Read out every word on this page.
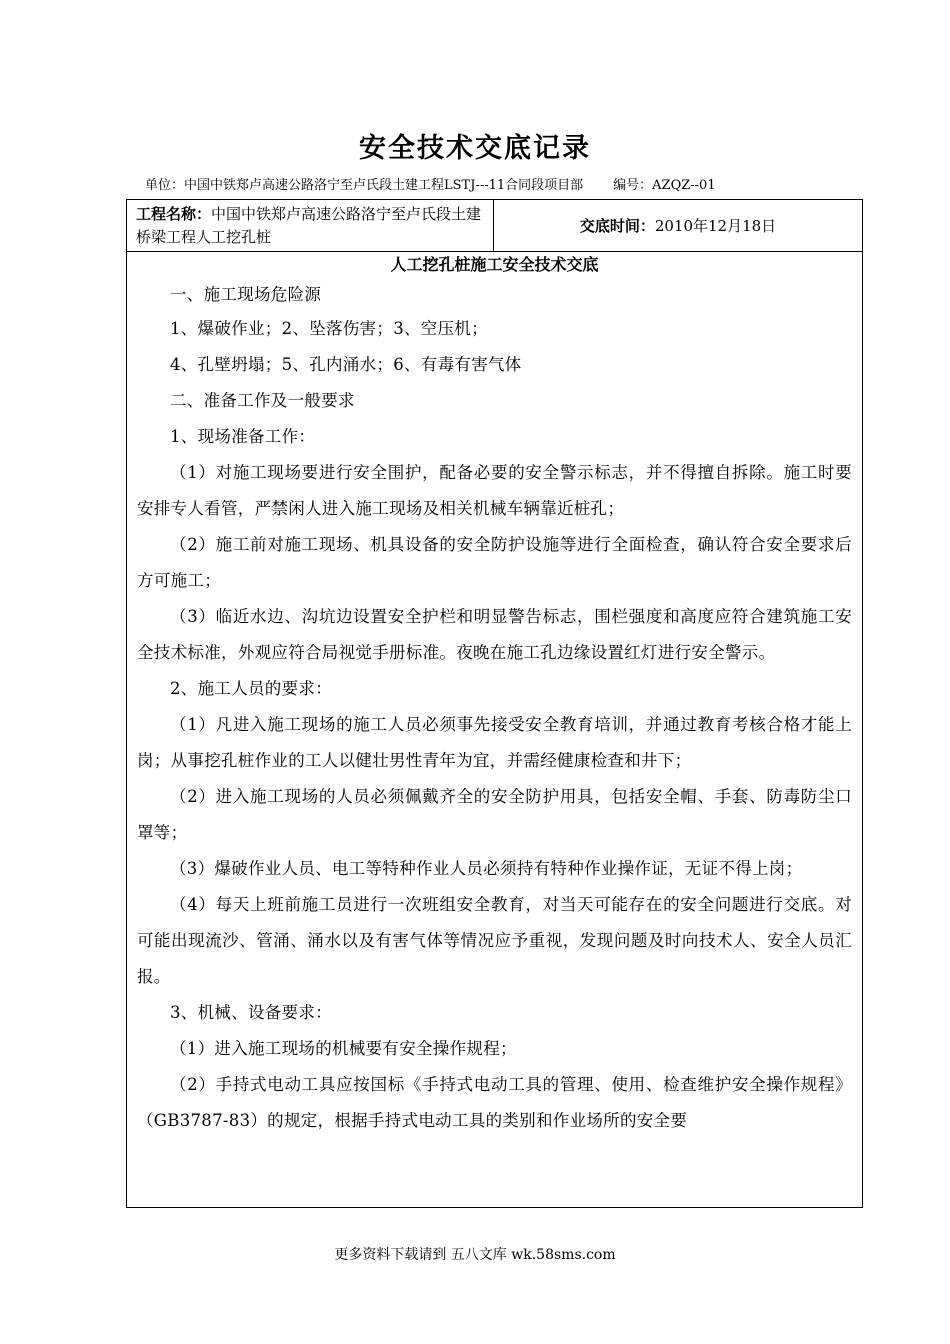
安全技术交底记录
单位：中国中铁郑卢高速公路洛宁至卢氏段土建工程LSTJ---11合同段项目部 编号：AZQZ--01
工程名称：中国中铁郑卢高速公路洛宁至卢氏段土建桥梁工程人工挖孔桩
交底时间： 2010年12月18日
人工挖孔桩施工安全技术交底

一、施工现场危险源

1、爆破作业；2、坠落伤害；3、空压机；

4、孔壁坍塌；5、孔内涌水；6、有毒有害气体

二、准备工作及一般要求

1、现场准备工作：

（1）对施工现场要进行安全围护，配备必要的安全警示标志，并不得擅自拆除。施工时要安排专人看管，严禁闲人进入施工现场及相关机械车辆靠近桩孔；

（2）施工前对施工现场、机具设备的安全防护设施等进行全面检查，确认符合安全要求后方可施工；

（3）临近水边、沟坑边设置安全护栏和明显警告标志，围栏强度和高度应符合建筑施工安全技术标准，外观应符合局视觉手册标准。夜晚在施工孔边缘设置红灯进行安全警示。

2、施工人员的要求：

（1）凡进入施工现场的施工人员必须事先接受安全教育培训，并通过教育考核合格才能上岗；从事挖孔桩作业的工人以健壮男性青年为宜，并需经健康检查和井下；

（2）进入施工现场的人员必须佩戴齐全的安全防护用具，包括安全帽、手套、防毒防尘口罩等；

（3）爆破作业人员、电工等特种作业人员必须持有特种作业操作证，无证不得上岗；

（4）每天上班前施工员进行一次班组安全教育，对当天可能存在的安全问题进行交底。对可能出现流沙、管涌、涌水以及有害气体等情况应予重视，发现问题及时向技术人、安全人员汇报。

3、机械、设备要求：

（1）进入施工现场的机械要有安全操作规程；

（2）手持式电动工具应按国标《手持式电动工具的管理、使用、检查维护安全操作规程》（GB3787-83）的规定，根据手持式电动工具的类别和作业场所的安全要

更多资料下载请到 五八文库 wk.58sms.com
